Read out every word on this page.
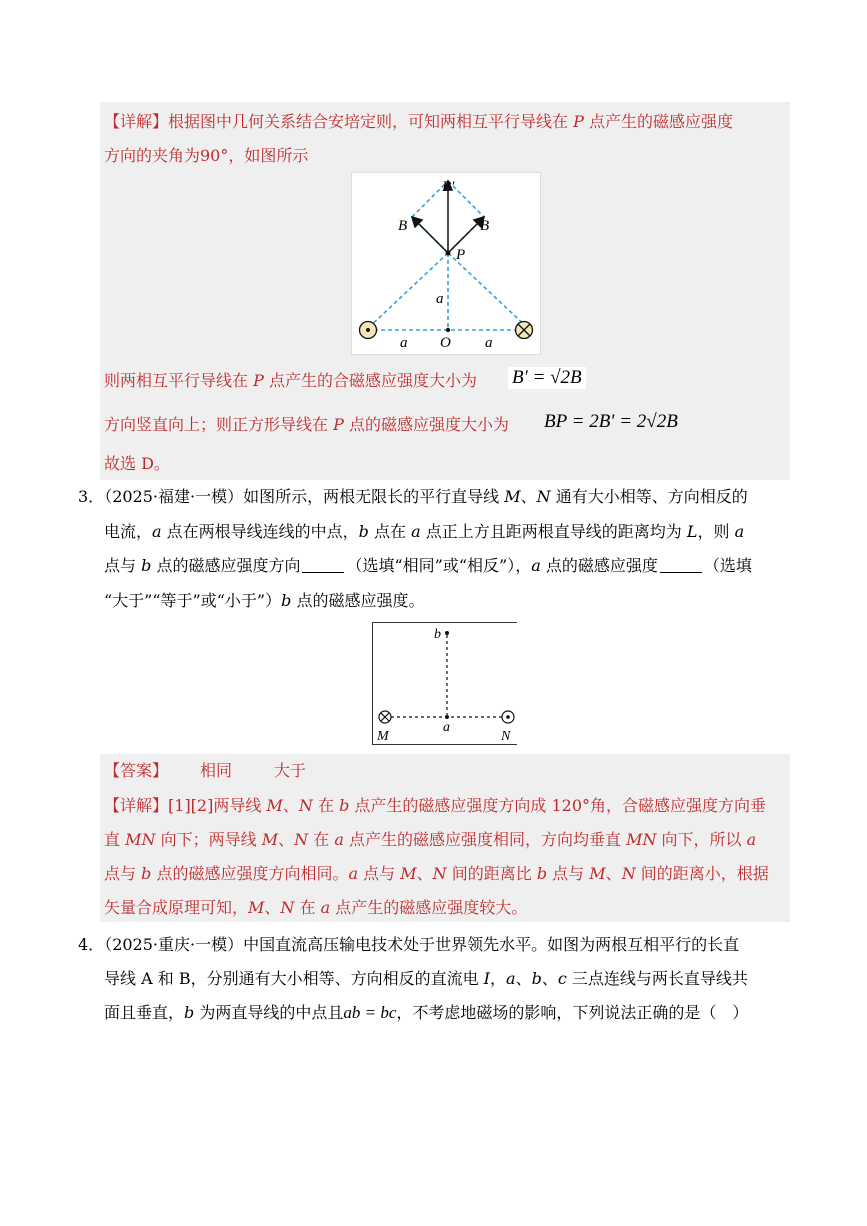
【详解】根据图中几何关系结合安培定则，可知两相互平行导线在 P 点产生的磁感应强度
方向的夹角为90°，如图所示
B′
B	B
P
a
a O a
则两相互平行导线在 P 点产生的合磁感应强度大小为 B′ = √2B
方向竖直向上；则正方形导线在 P 点的磁感应强度大小为 BP = 2B′ = 2√2B
故选 D。
3．（2025·福建·一模）如图所示，两根无限长的平行直导线 M、N 通有大小相等、方向相反的
电流，a 点在两根导线连线的中点，b 点在 a 点正上方且距两根直导线的距离均为 L，则 a
点与 b 点的磁感应强度方向	（选填“相同”或“相反”），a 点的磁感应强度	（选填
“大于”“等于”或“小于”）b 点的磁感应强度。
b
a
M	N
【答案】 相同	大于
【详解】[1][2]两导线 M、N 在 b 点产生的磁感应强度方向成 120°角，合磁感应强度方向垂
直 MN 向下；两导线 M、N 在 a 点产生的磁感应强度相同，方向均垂直 MN 向下，所以 a
点与 b 点的磁感应强度方向相同。a 点与 M、N 间的距离比 b 点与 M、N 间的距离小，根据
矢量合成原理可知，M、N 在 a 点产生的磁感应强度较大。
4．（2025·重庆·一模）中国直流高压输电技术处于世界领先水平。如图为两根互相平行的长直
导线 A 和 B，分别通有大小相等、方向相反的直流电 I，a、b、c 三点连线与两长直导线共
面且垂直，b 为两直导线的中点且ab = bc，不考虑地磁场的影响，下列说法正确的是（　）
